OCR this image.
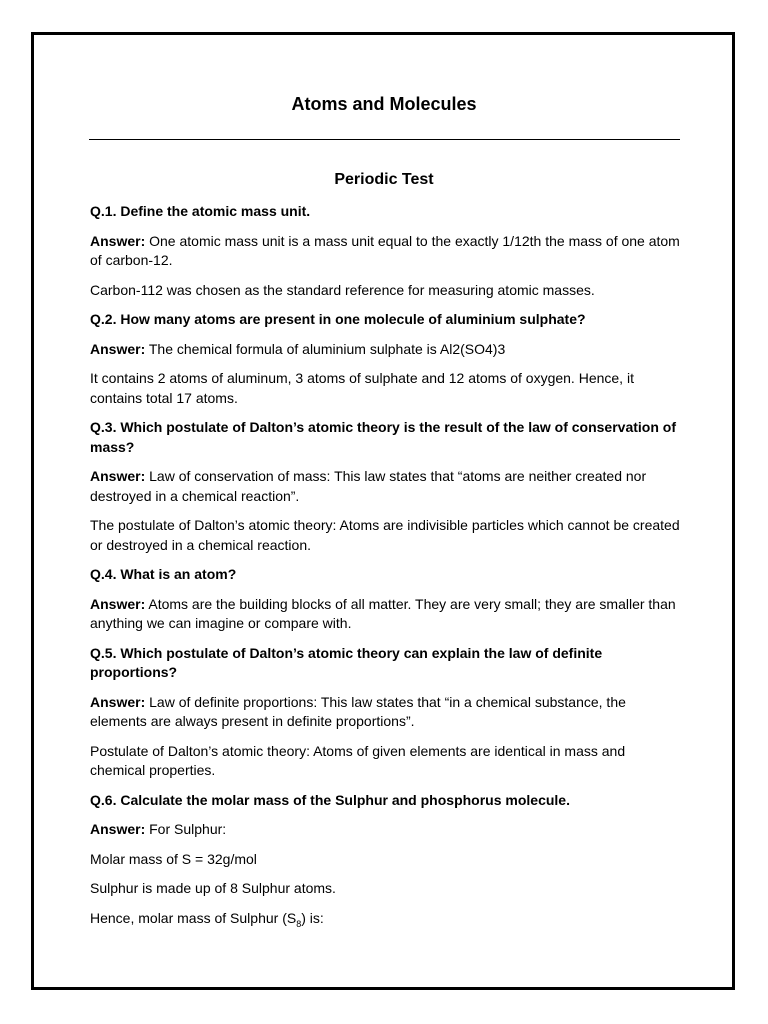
Atoms and Molecules
Periodic Test

Q.1. Define the atomic mass unit.

Answer: One atomic mass unit is a mass unit equal to the exactly 1/12th the mass of one atom of carbon-12.

Carbon-112 was chosen as the standard reference for measuring atomic masses.

Q.2. How many atoms are present in one molecule of aluminium sulphate?

Answer: The chemical formula of aluminium sulphate is Al2(SO4)3

It contains 2 atoms of aluminum, 3 atoms of sulphate and 12 atoms of oxygen. Hence, it contains total 17 atoms.

Q.3. Which postulate of Dalton’s atomic theory is the result of the law of conservation of mass?

Answer: Law of conservation of mass: This law states that “atoms are neither created nor destroyed in a chemical reaction”.

The postulate of Dalton’s atomic theory: Atoms are indivisible particles which cannot be created or destroyed in a chemical reaction.

Q.4. What is an atom?

Answer: Atoms are the building blocks of all matter. They are very small; they are smaller than anything we can imagine or compare with.

Q.5. Which postulate of Dalton’s atomic theory can explain the law of definite proportions?

Answer: Law of definite proportions: This law states that “in a chemical substance, the elements are always present in definite proportions”.

Postulate of Dalton’s atomic theory: Atoms of given elements are identical in mass and chemical properties.

Q.6. Calculate the molar mass of the Sulphur and phosphorus molecule.

Answer: For Sulphur:

Molar mass of S = 32g/mol

Sulphur is made up of 8 Sulphur atoms.

Hence, molar mass of Sulphur $(S_8)$ is:
